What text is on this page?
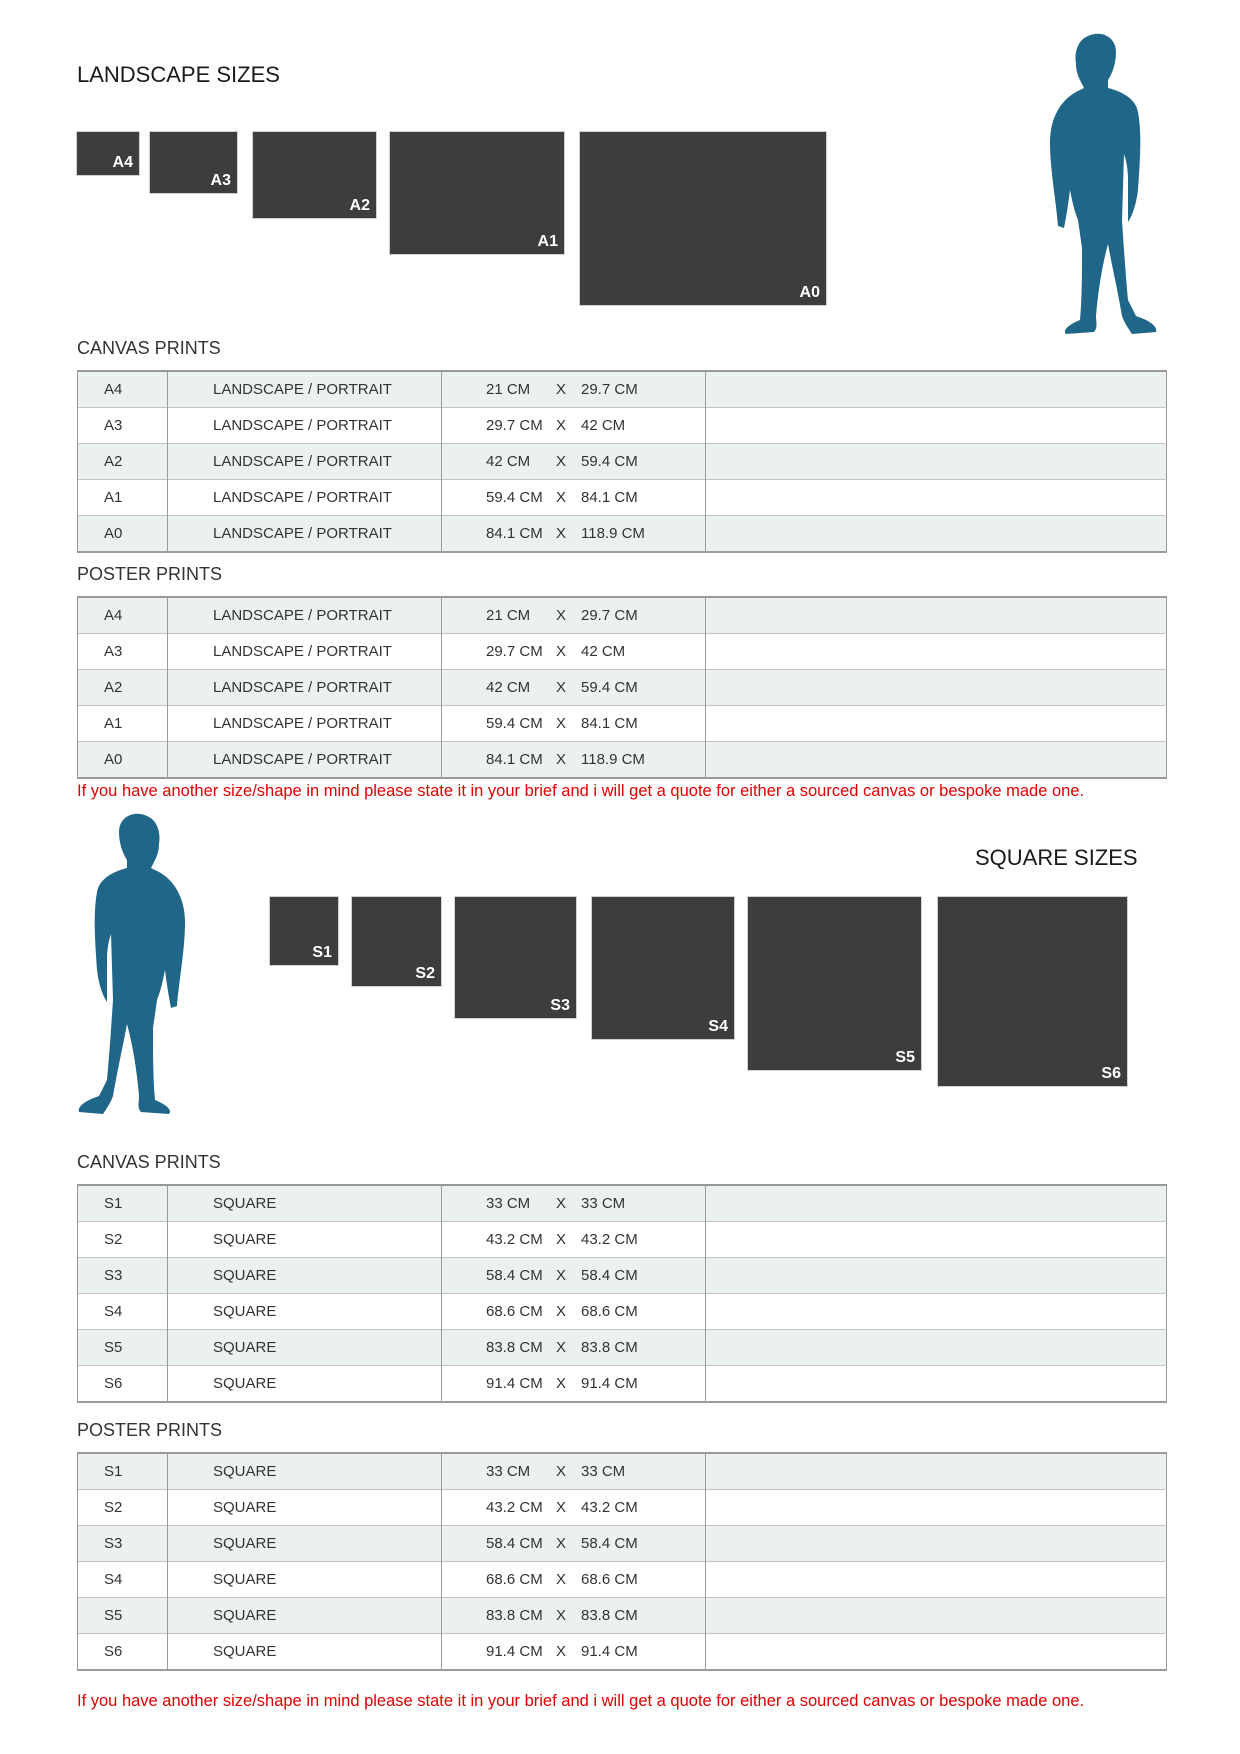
LANDSCAPE SIZES
A4
A3
A2
A1
A0
CANVAS PRINTS
A4	LANDSCAPE / PORTRAIT	21 CM X 29.7 CM	
A3	LANDSCAPE / PORTRAIT	29.7 CM X 42 CM	
A2	LANDSCAPE / PORTRAIT	42 CM X 59.4 CM	
A1	LANDSCAPE / PORTRAIT	59.4 CM X 84.1 CM	
A0	LANDSCAPE / PORTRAIT	84.1 CM X 118.9 CM	
POSTER PRINTS
A4	LANDSCAPE / PORTRAIT	21 CM X 29.7 CM	
A3	LANDSCAPE / PORTRAIT	29.7 CM X 42 CM	
A2	LANDSCAPE / PORTRAIT	42 CM X 59.4 CM	
A1	LANDSCAPE / PORTRAIT	59.4 CM X 84.1 CM	
A0	LANDSCAPE / PORTRAIT	84.1 CM X 118.9 CM	
If you have another size/shape in mind please state it in your brief and i will get a quote for either a sourced canvas or bespoke made one.
SQUARE SIZES
S1
S2
S3
S4
S5
S6
CANVAS PRINTS
S1	SQUARE	33 CM X 33 CM	
S2	SQUARE	43.2 CM X 43.2 CM	
S3	SQUARE	58.4 CM X 58.4 CM	
S4	SQUARE	68.6 CM X 68.6 CM	
S5	SQUARE	83.8 CM X 83.8 CM	
S6	SQUARE	91.4 CM X 91.4 CM	
POSTER PRINTS
S1	SQUARE	33 CM X 33 CM	
S2	SQUARE	43.2 CM X 43.2 CM	
S3	SQUARE	58.4 CM X 58.4 CM	
S4	SQUARE	68.6 CM X 68.6 CM	
S5	SQUARE	83.8 CM X 83.8 CM	
S6	SQUARE	91.4 CM X 91.4 CM	
If you have another size/shape in mind please state it in your brief and i will get a quote for either a sourced canvas or bespoke made one.
